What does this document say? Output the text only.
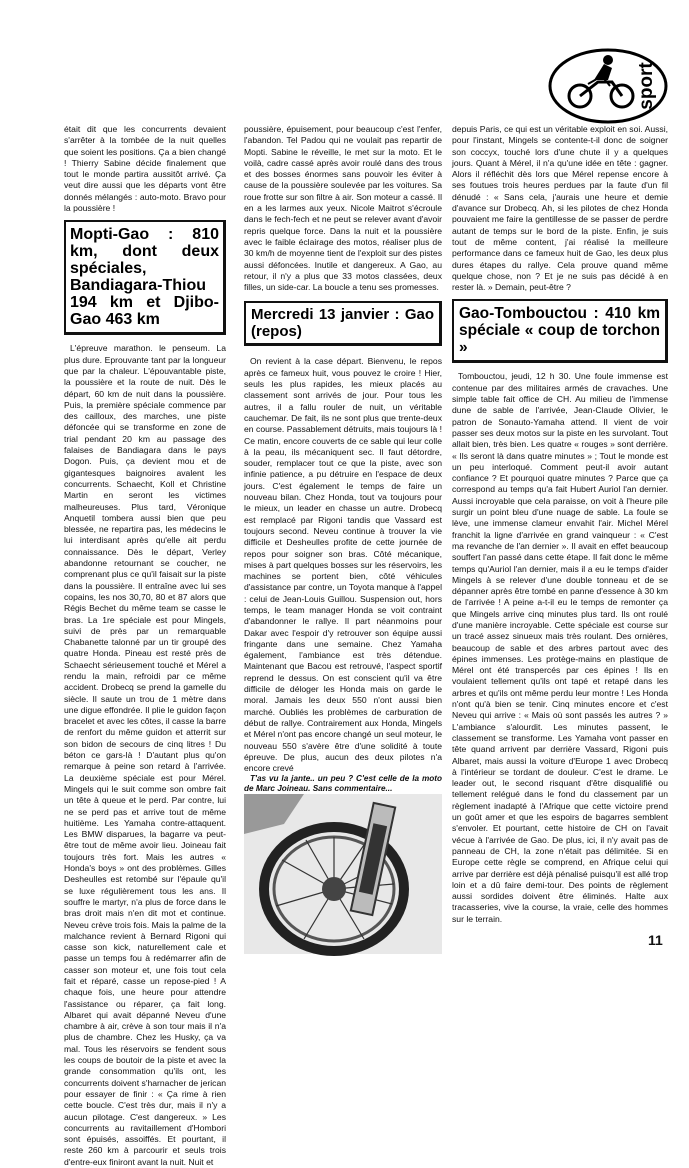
sport

était dit que les concurrents devaient s'arrêter à la tombée de la nuit quelles que soient les positions. Ça a bien changé ! Thierry Sabine décide finalement que tout le monde partira aussitôt arrivé. Ça veut dire aussi que les départs vont être donnés mélangés : auto-moto. Bravo pour la poussière !

Mopti-Gao : 810 km, dont deux spéciales, Bandiagara-Thiou 194 km et Djibo-Gao 463 km

L'épreuve marathon. le penseum. La plus dure. Eprouvante tant par la longueur que par la chaleur. L'épouvantable piste, la poussière et la route de nuit. Dès le départ, 60 km de nuit dans la poussière. Puis, la première spéciale commence par des cailloux, des marches, une piste défoncée qui se transforme en zone de trial pendant 20 km au passage des falaises de Bandiagara dans le pays Dogon. Puis, ça devient mou et de gigantesques baignoires avalent les concurrents. Schaecht, Koll et Christine Martin en seront les victimes malheureuses. Plus tard, Véronique Anquetil tombera aussi bien que peu blessée, ne repartira pas, les médecins le lui interdisant après qu'elle ait perdu connaissance. Dès le départ, Verley abandonne retournant se coucher, ne comprenant plus ce qu'il faisait sur la piste dans la poussière. Il entraîne avec lui ses copains, les nos 30,70, 80 et 87 alors que Régis Bechet du même team se casse le bras. La 1re spéciale est pour Mingels, suivi de près par un remarquable Chabanette talonné par un tir groupé des quatre Honda. Pineau est resté près de Schaecht sérieusement touché et Mérel a rendu la main, refroidi par ce même accident. Drobecq se prend la gamelle du siècle. Il saute un trou de 1 mètre dans une digue effondrée. Il plie le guidon façon bracelet et avec les côtes, il casse la barre de renfort du même guidon et atterrit sur son bidon de secours de cinq litres ! Du béton ce gars-là ! D'autant plus qu'on remarque à peine son retard à l'arrivée. La deuxième spéciale est pour Mérel. Mingels qui le suit comme son ombre fait un tête à queue et le perd. Par contre, lui ne se perd pas et arrive tout de même huitième. Les Yamaha contre-attaquent. Les BMW disparues, la bagarre va peut-être tout de même avoir lieu. Joineau fait toujours très fort. Mais les autres « Honda's boys » ont des problèmes. Gilles Desheulles est retombé sur l'épaule qu'il se luxe régulièrement tous les ans. Il souffre le martyr, n'a plus de force dans le bras droit mais n'en dit mot et continue. Neveu crève trois fois. Mais la palme de la malchance revient à Bernard Rigoni qui casse son kick, naturellement cale et passe un temps fou à redémarrer afin de casser son moteur et, une fois tout cela fait et réparé, casse un repose-pied ! A chaque fois, une heure pour attendre l'assistance ou réparer, ça fait long. Albaret qui avait dépanné Neveu d'une chambre à air, crève à son tour mais il n'a plus de chambre. Chez les Husky, ça va mal. Tous les réservoirs se fendent sous les coups de boutoir de la piste et avec la grande consommation qu'ils ont, les concurrents doivent s'harnacher de jerican pour essayer de finir : « Ça rime à rien cette boucle. C'est très dur, mais il n'y a aucun pilotage. C'est dangereux. » Les concurrents au ravitaillement d'Hombori sont épuisés, assoiffés. Et pourtant, il reste 260 km à parcourir et seuls trois d'entre-eux finiront avant la nuit. Nuit et

poussière, épuisement, pour beaucoup c'est l'enfer, l'abandon. Tel Padou qui ne voulait pas repartir de Mopti. Sabine le réveille, le met sur la moto. Et le voilà, cadre cassé après avoir roulé dans des trous et des bosses énormes sans pouvoir les éviter à cause de la poussière soulevée par les voitures. Sa roue frotte sur son filtre à air. Son moteur a cassé. Il en a les larmes aux yeux. Nicole Maitrot s'écroule dans le fech-fech et ne peut se relever avant d'avoir repris quelque force. Dans la nuit et la poussière avec le faible éclairage des motos, réaliser plus de 30 km/h de moyenne tient de l'exploit sur des pistes aussi défoncées. Inutile et dangereux. A Gao, au retour, il n'y a plus que 33 motos classées, deux filles, un side-car. La boucle a tenu ses promesses.

Mercredi 13 janvier : Gao (repos)

On revient à la case départ. Bienvenu, le repos après ce fameux huit, vous pouvez le croire ! Hier, seuls les plus rapides, les mieux placés au classement sont arrivés de jour. Pour tous les autres, il a fallu rouler de nuit, un véritable cauchemar. De fait, ils ne sont plus que trente-deux en course. Passablement détruits, mais toujours là ! Ce matin, encore couverts de ce sable qui leur colle à la peau, ils mécaniquent sec. Il faut détordre, souder, remplacer tout ce que la piste, avec son infinie patience, a pu détruire en l'espace de deux jours. C'est également le temps de faire un nouveau bilan. Chez Honda, tout va toujours pour le mieux, un leader en chasse un autre. Drobecq est remplacé par Rigoni tandis que Vassard est toujours second. Neveu continue à trouver la vie difficile et Desheulles profite de cette journée de repos pour soigner son bras. Côté mécanique, mises à part quelques bosses sur les réservoirs, les machines se portent bien, côté véhicules d'assistance par contre, un Toyota manque à l'appel : celui de Jean-Louis Guillou. Suspension out, hors temps, le team manager Honda se voit contraint d'abandonner le rallye. Il part néanmoins pour Dakar avec l'espoir d'y retrouver son équipe aussi fringante dans une semaine. Chez Yamaha également, l'ambiance est très détendue. Maintenant que Bacou est retrouvé, l'aspect sportif reprend le dessus. On est conscient qu'il va être difficile de déloger les Honda mais on garde le moral. Jamais les deux 550 n'ont aussi bien marché. Oubliés les problèmes de carburation de début de rallye. Contrairement aux Honda, Mingels et Mérel n'ont pas encore changé un seul moteur, le nouveau 550 s'avère être d'une solidité à toute épreuve. De plus, aucun des deux pilotes n'a encore crevé

T'as vu la jante.. un peu ? C'est celle de la moto de Marc Joineau. Sans commentaire...

depuis Paris, ce qui est un véritable exploit en soi. Aussi, pour l'instant, Mingels se contente-t-il donc de soigner son coccyx, touché lors d'une chute il y a quelques jours. Quant à Mérel, il n'a qu'une idée en tête : gagner. Alors il réfléchit dès lors que Mérel repense encore à ses foutues trois heures perdues par la faute d'un fil dénudé : « Sans cela, j'aurais une heure et demie d'avance sur Drobecq. Ah, si les pilotes de chez Honda pouvaient me faire la gentillesse de se passer de perdre autant de temps sur le bord de la piste. Enfin, je suis tout de même content, j'ai réalisé la meilleure performance dans ce fameux huit de Gao, les deux plus dures étapes du rallye. Cela prouve quand même quelque chose, non ? Et je ne suis pas décidé à en rester là. » Demain, peut-être ?

Gao-Tombouctou : 410 km spéciale « coup de torchon »

Tombouctou, jeudi, 12 h 30. Une foule immense est contenue par des militaires armés de cravaches. Une simple table fait office de CH. Au milieu de l'immense dune de sable de l'arrivée, Jean-Claude Olivier, le patron de Sonauto-Yamaha attend. Il vient de voir passer ses deux motos sur la piste en les survolant. Tout allait bien, très bien. Les quatre « rouges » sont derrière. « Ils seront là dans quatre minutes » ; Tout le monde est un peu interloqué. Comment peut-il avoir autant confiance ? Et pourquoi quatre minutes ? Parce que ça correspond au temps qu'a fait Hubert Auriol l'an dernier. Aussi incroyable que cela paraisse, on voit à l'heure pile surgir un point bleu d'une nuage de sable. La foule se lève, une immense clameur envahit l'air. Michel Mérel franchit la ligne d'arrivée en grand vainqueur : « C'est ma revanche de l'an dernier ». Il avait en effet beaucoup souffert l'an passé dans cette étape. Il fait donc le même temps qu'Auriol l'an dernier, mais il a eu le temps d'aider Mingels à se relever d'une double tonneau et de se dépanner après être tombé en panne d'essence à 30 km de l'arrivée ! A peine a-t-il eu le temps de remonter ça que Mingels arrive cinq minutes plus tard. Ils ont roulé d'une manière incroyable. Cette spéciale est course sur un tracé assez sinueux mais très roulant. Des ornières, beaucoup de sable et des arbres partout avec des épines immenses. Les protège-mains en plastique de Mérel ont été transpercés par ces épines ! Ils en voulaient tellement qu'ils ont tapé et retapé dans les arbres et qu'ils ont même perdu leur montre ! Les Honda n'ont qu'à bien se tenir. Cinq minutes encore et c'est Neveu qui arrive : « Mais où sont passés les autres ? » L'ambiance s'alourdit. Les minutes passent, le classement se transforme. Les Yamaha vont passer en tête quand arrivent par derrière Vassard, Rigoni puis Albaret, mais aussi la voiture d'Europe 1 avec Drobecq à l'intérieur se tordant de douleur. C'est le drame. Le leader out, le second risquant d'être disqualifié ou tellement relégué dans le fond du classement par un règlement inadapté à l'Afrique que cette victoire prend un goût amer et que les espoirs de bagarres semblent s'envoler. Et pourtant, cette histoire de CH on l'avait vécue à l'arrivée de Gao. De plus, ici, il n'y avait pas de panneau de CH, la zone n'était pas délimitée. Si en Europe cette règle se comprend, en Afrique celui qui arrive par derrière est déjà pénalisé puisqu'il est allé trop loin et a dû faire demi-tour. Des points de règlement aussi sordides doivent être éliminés. Halte aux tracasseries, vive la course, la vraie, celle des hommes sur le terrain.

11
